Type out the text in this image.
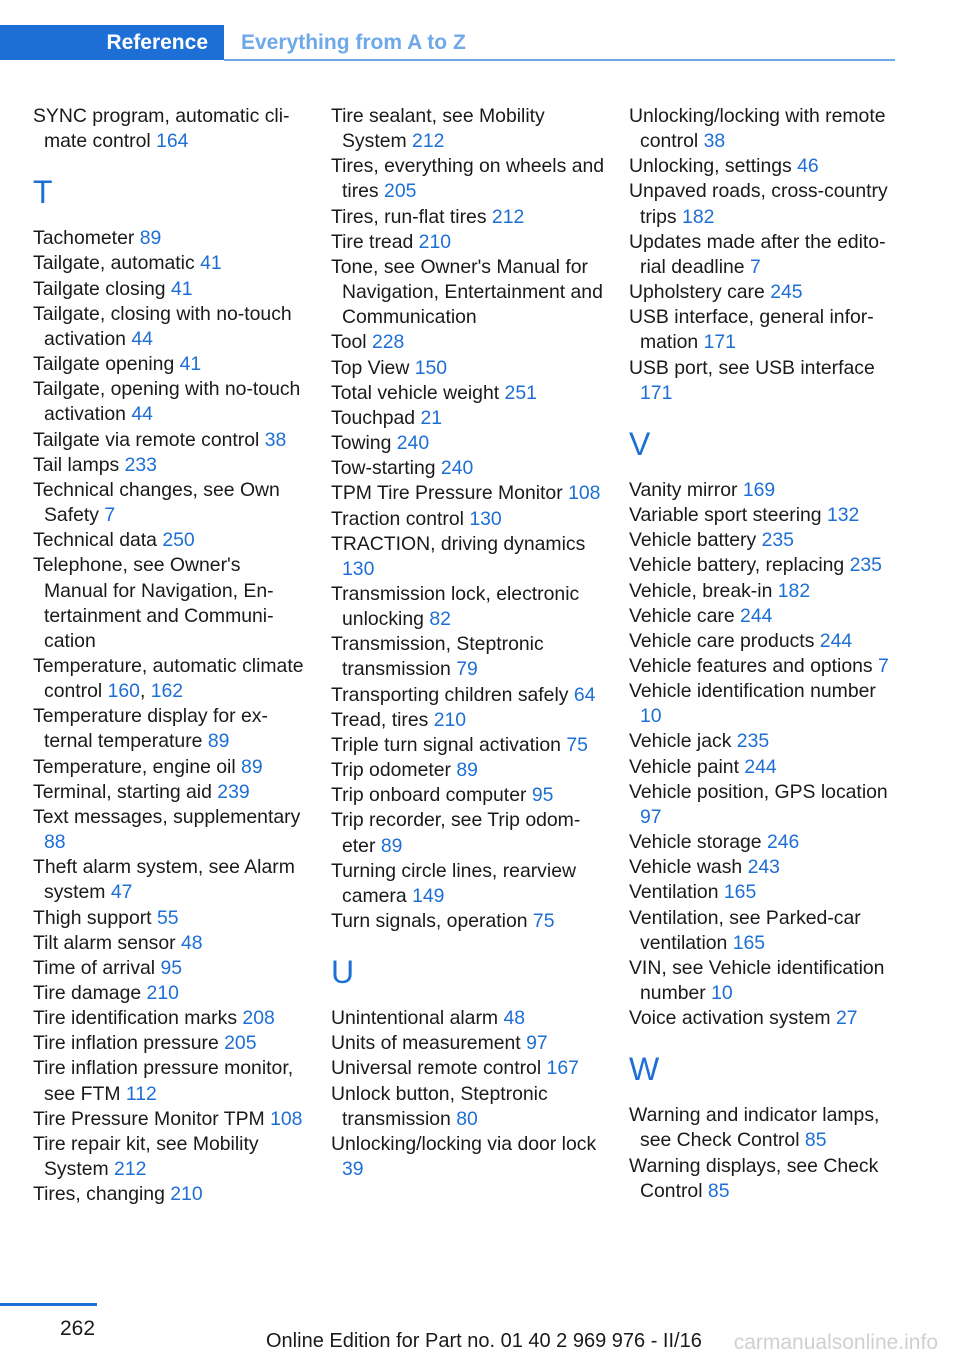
Reference	Everything from A to Z

SYNC program, automatic climate control 164

T

Tachometer 89

Tailgate, automatic 41

Tailgate closing 41

Tailgate, closing with no-touch activation 44

Tailgate opening 41

Tailgate, opening with no-touch activation 44

Tailgate via remote control 38

Tail lamps 233

Technical changes, see Own Safety 7

Technical data 250

Telephone, see Owner's Manual for Navigation, Entertainment and Communication

Temperature, automatic climate control 160, 162

Temperature display for external temperature 89

Temperature, engine oil 89

Terminal, starting aid 239

Text messages, supplementary 88

Theft alarm system, see Alarm system 47

Thigh support 55

Tilt alarm sensor 48

Time of arrival 95

Tire damage 210

Tire identification marks 208

Tire inflation pressure 205

Tire inflation pressure monitor, see FTM 112

Tire Pressure Monitor TPM 108

Tire repair kit, see Mobility System 212

Tires, changing 210

Tire sealant, see Mobility System 212

Tires, everything on wheels and tires 205

Tires, run-flat tires 212

Tire tread 210

Tone, see Owner's Manual for Navigation, Entertainment and Communication

Tool 228

Top View 150

Total vehicle weight 251

Touchpad 21

Towing 240

Tow-starting 240

TPM Tire Pressure Monitor 108

Traction control 130

TRACTION, driving dynamics 130

Transmission lock, electronic unlocking 82

Transmission, Steptronic transmission 79

Transporting children safely 64

Tread, tires 210

Triple turn signal activation 75

Trip odometer 89

Trip onboard computer 95

Trip recorder, see Trip odometer 89

Turning circle lines, rearview camera 149

Turn signals, operation 75

U

Unintentional alarm 48

Units of measurement 97

Universal remote control 167

Unlock button, Steptronic transmission 80

Unlocking/locking via door lock 39

Unlocking/locking with remote control 38

Unlocking, settings 46

Unpaved roads, cross-country trips 182

Updates made after the editorial deadline 7

Upholstery care 245

USB interface, general information 171

USB port, see USB interface 171

V

Vanity mirror 169

Variable sport steering 132

Vehicle battery 235

Vehicle battery, replacing 235

Vehicle, break-in 182

Vehicle care 244

Vehicle care products 244

Vehicle features and options 7

Vehicle identification number 10

Vehicle jack 235

Vehicle paint 244

Vehicle position, GPS location 97

Vehicle storage 246

Vehicle wash 243

Ventilation 165

Ventilation, see Parked-car ventilation 165

VIN, see Vehicle identification number 10

Voice activation system 27

W

Warning and indicator lamps, see Check Control 85

Warning displays, see Check Control 85

262
Online Edition for Part no. 01 40 2 969 976 - II/16 carmanualsonline.info
